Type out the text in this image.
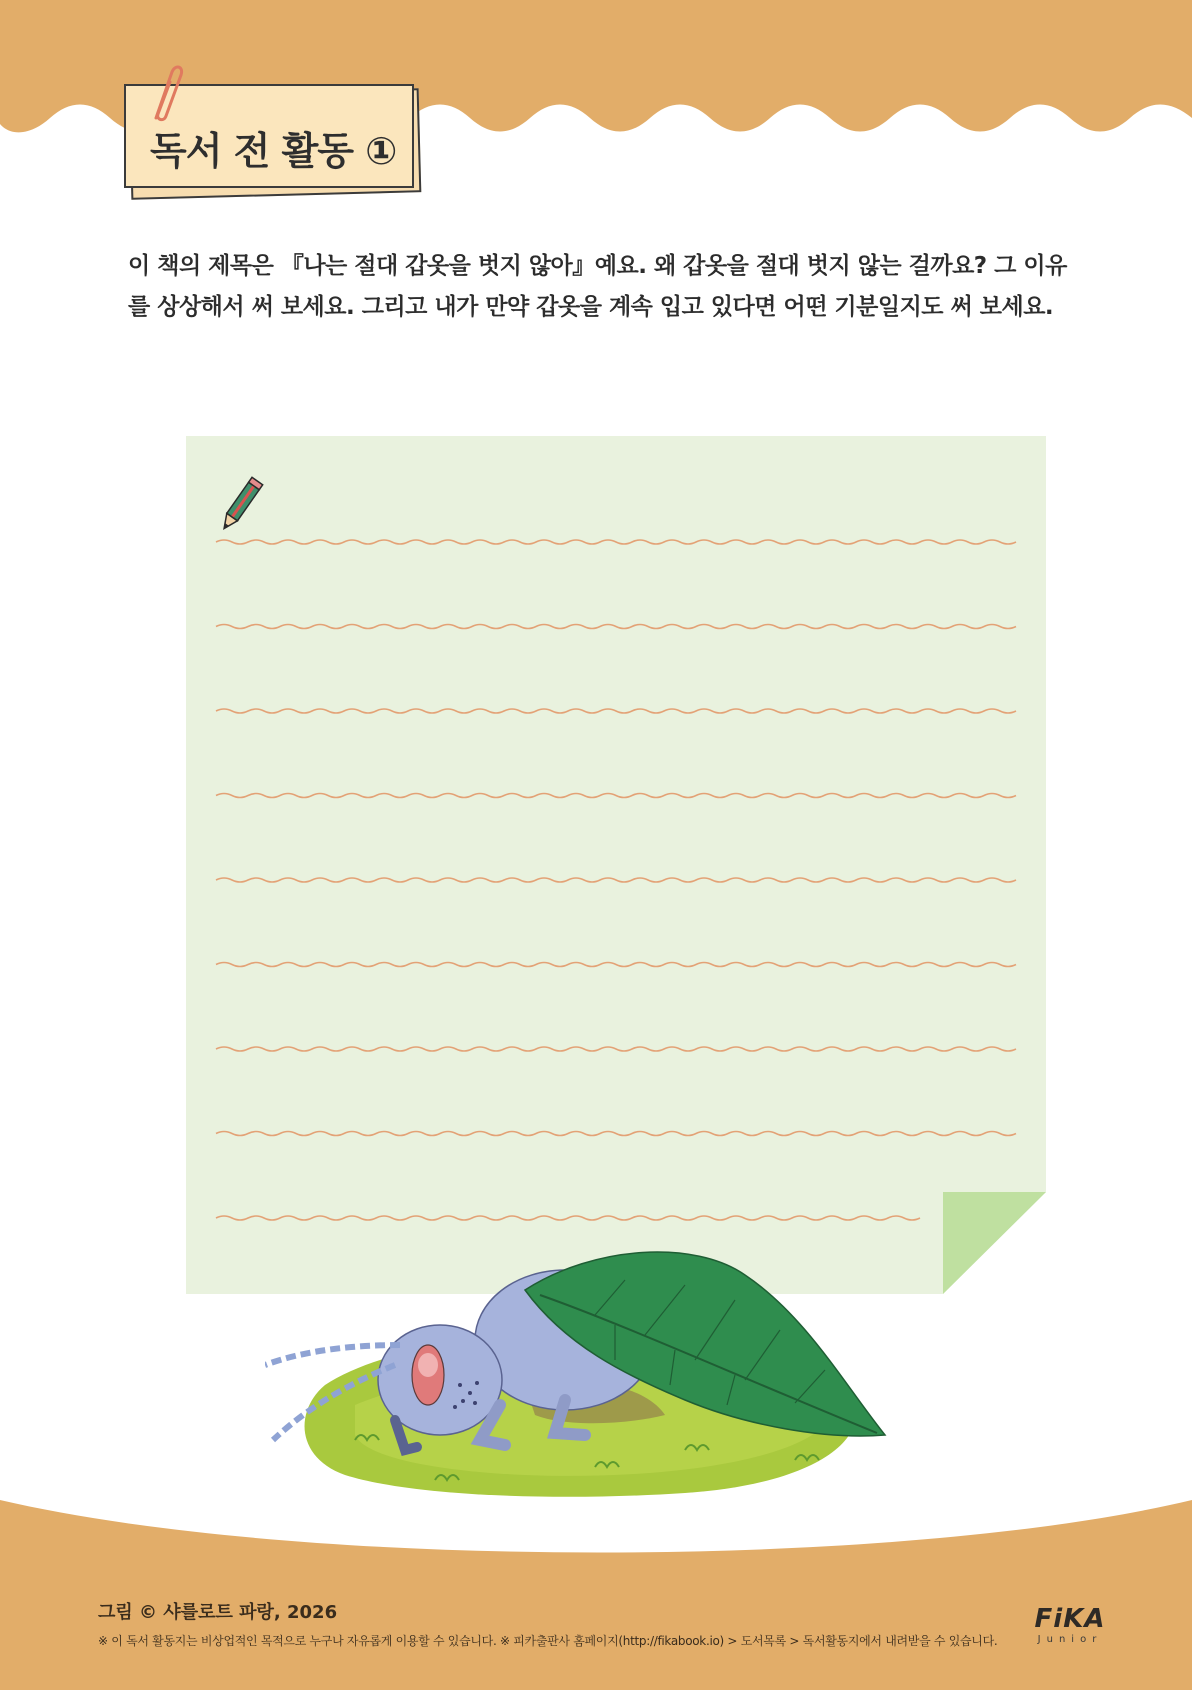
독서 전 활동 ①
이 책의 제목은 『나는 절대 갑옷을 벗지 않아』예요. 왜 갑옷을 절대 벗지 않는 걸까요? 그 이유를 상상해서 써 보세요. 그리고 내가 만약 갑옷을 계속 입고 있다면 어떤 기분일지도 써 보세요.
그림 © 샤를로트 파랑, 2026
※ 이 독서 활동지는 비상업적인 목적으로 누구나 자유롭게 이용할 수 있습니다. ※ 피카출판사 홈페이지(http://fikabook.io) > 도서목록 > 독서활동지에서 내려받을 수 있습니다.
FiKA
Junior
